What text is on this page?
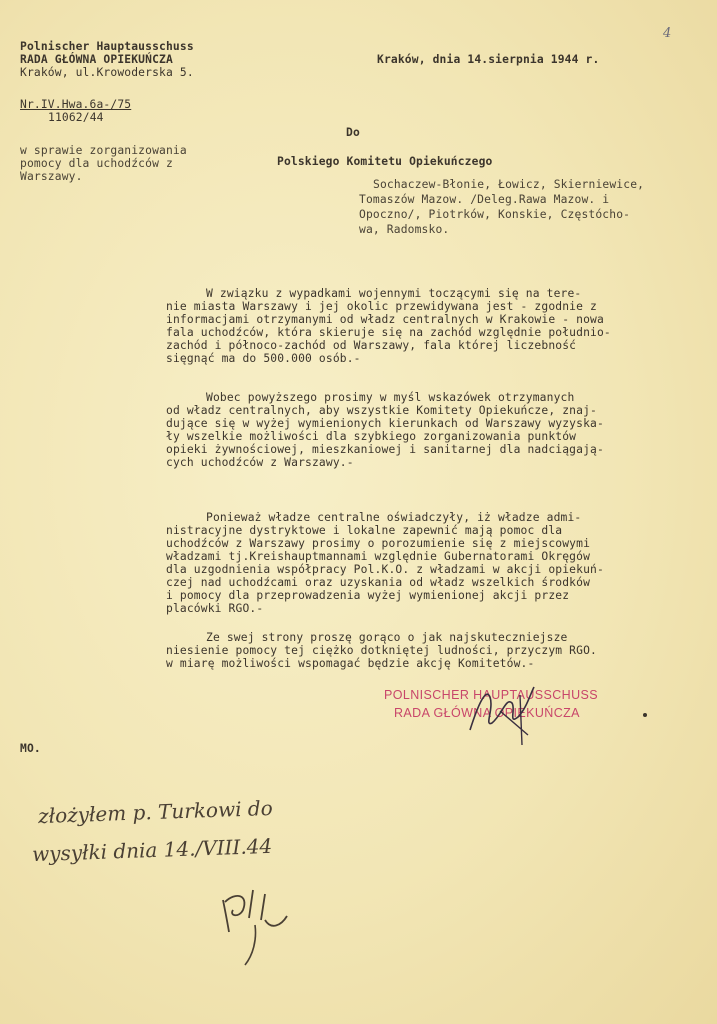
4
Polnischer Hauptausschuss
RADA GŁÓWNA OPIEKUŃCZA
Kraków, ul.Krowoderska 5.
Kraków, dnia 14.sierpnia 1944 r.
Nr.IV.Hwa.6a-/75
11062/44
w sprawie zorganizowania
pomocy dla uchodźców z
Warszawy.
Do
Polskiego Komitetu Opiekuńczego
Sochaczew-Błonie, Łowicz, Skierniewice,
Tomaszów Mazow. /Deleg.Rawa Mazow. i
Opoczno/, Piotrków, Konskie, Częstócho-
wa, Radomsko.
W związku z wypadkami wojennymi toczącymi się na tere-
nie miasta Warszawy i jej okolic przewidywana jest - zgodnie z
informacjami otrzymanymi od władz centralnych w Krakowie - nowa
fala uchodźców, która skieruje się na zachód względnie południo-
zachód i północo-zachód od Warszawy, fala której liczebność
sięgnąć ma do 500.000 osób.-
Wobec powyższego prosimy w myśl wskazówek otrzymanych
od władz centralnych, aby wszystkie Komitety Opiekuńcze, znaj-
dujące się w wyżej wymienionych kierunkach od Warszawy wyzyska-
ły wszelkie możliwości dla szybkiego zorganizowania punktów
opieki żywnościowej, mieszkaniowej i sanitarnej dla nadciągają-
cych uchodźców z Warszawy.-
Ponieważ władze centralne oświadczyły, iż władze admi-
nistracyjne dystryktowe i lokalne zapewnić mają pomoc dla
uchodźców z Warszawy prosimy o porozumienie się z miejscowymi
władzami tj.Kreishauptmannami względnie Gubernatorami Okręgów
dla uzgodnienia współpracy Pol.K.O. z władzami w akcji opiekuń-
czej nad uchodźcami oraz uzyskania od władz wszelkich środków
i pomocy dla przeprowadzenia wyżej wymienionej akcji przez
placówki RGO.-
Ze swej strony proszę gorąco o jak najskuteczniejsze
niesienie pomocy tej ciężko dotkniętej ludności, przyczym RGO.
w miarę możliwości wspomagać będzie akcję Komitetów.-
POLNISCHER HAUPTAUSSCHUSS
RADA GŁÓWNA OPIEKUŃCZA
MO.
złożyłem p. Turkowi do
wysyłki dnia 14./VIII.44
